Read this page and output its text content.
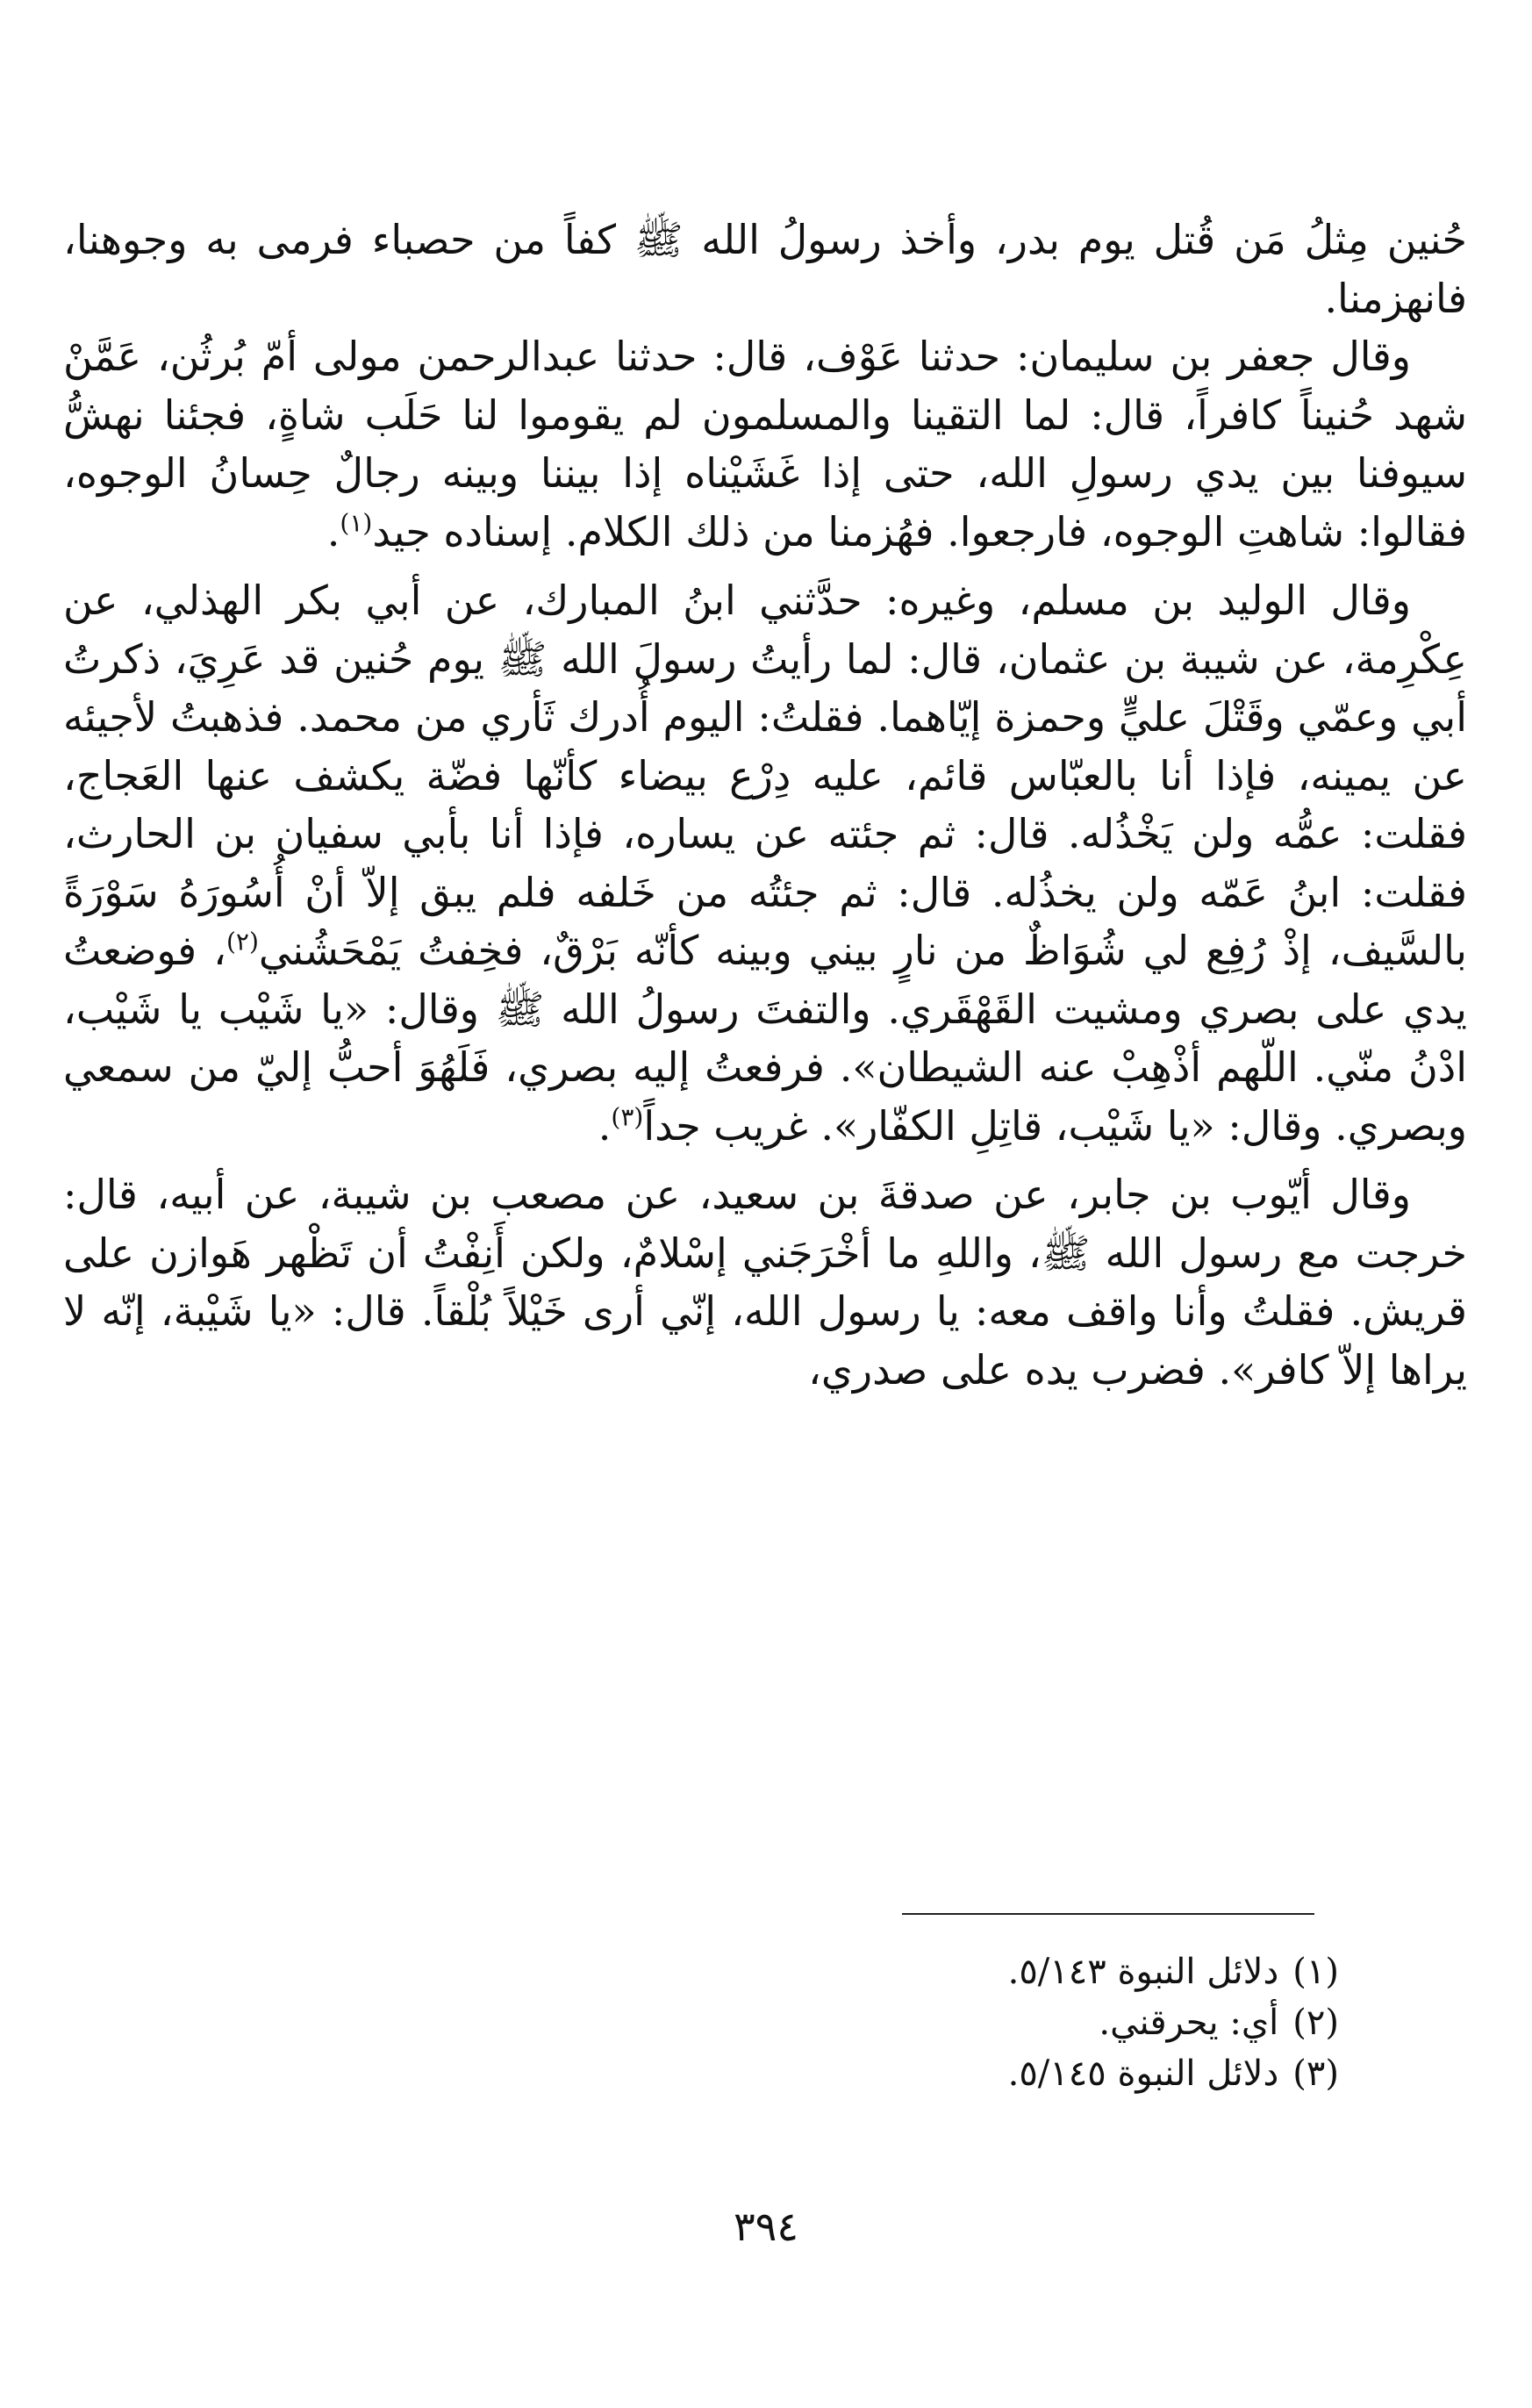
حُنين مِثلُ مَن قُتل يوم بدر، وأخذ رسولُ الله ﷺ كفاً من حصباء فرمى به وجوهنا، فانهزمنا.

وقال جعفر بن سليمان: حدثنا عَوْف، قال: حدثنا عبدالرحمن مولى أمّ بُرثُن، عَمَّنْ شهد حُنيناً كافراً، قال: لما التقينا والمسلمون لم يقوموا لنا حَلَب شاةٍ، فجئنا نهشُّ سيوفنا بين يدي رسولِ الله، حتى إذا غَشَيْناه إذا بيننا وبينه رجالٌ حِسانُ الوجوه، فقالوا: شاهتِ الوجوه، فارجعوا. فهُزمنا من ذلك الكلام. إسناده جيد$^{(١)}$.

وقال الوليد بن مسلم، وغيره: حدَّثني ابنُ المبارك، عن أبي بكر الهذلي، عن عِكْرِمة، عن شيبة بن عثمان، قال: لما رأيتُ رسولَ الله ﷺ يوم حُنين قد عَرِيَ، ذكرتُ أبي وعمّي وقَتْلَ عليٍّ وحمزة إيّاهما. فقلتُ: اليوم أُدرك ثَأري من محمد. فذهبتُ لأجيئه عن يمينه، فإذا أنا بالعبّاس قائم، عليه دِرْع بيضاء كأنّها فضّة يكشف عنها العَجاج، فقلت: عمُّه ولن يَخْذُله. قال: ثم جئته عن يساره، فإذا أنا بأبي سفيان بن الحارث، فقلت: ابنُ عَمّه ولن يخذُله. قال: ثم جئتُه من خَلفه فلم يبق إلاّ أنْ أُسُورَهُ سَوْرَةً بالسَّيف، إذْ رُفِع لي شُوَاظٌ من نارٍ بيني وبينه كأنّه بَرْقٌ، فخِفتُ يَمْحَشُني$^{(٢)}$، فوضعتُ يدي على بصري ومشيت القَهْقَري. والتفتَ رسولُ الله ﷺ وقال: «يا شَيْب يا شَيْب، ادْنُ منّي. اللّهم أذْهِبْ عنه الشيطان». فرفعتُ إليه بصري، فَلَهُوَ أحبُّ إليّ من سمعي وبصري. وقال: «يا شَيْب، قاتِلِ الكفّار». غريب جداً$^{(٣)}$.

وقال أيّوب بن جابر، عن صدقةَ بن سعيد، عن مصعب بن شيبة، عن أبيه، قال: خرجت مع رسول الله ﷺ، واللهِ ما أخْرَجَني إسْلامٌ، ولكن أَنِفْتُ أن تَظْهر هَوازن على قريش. فقلتُ وأنا واقف معه: يا رسول الله، إنّي أرى خَيْلاً بُلْقاً. قال: «يا شَيْبة، إنّه لا يراها إلاّ كافر». فضرب يده على صدري،

(١) دلائل النبوة ٥/١٤٣.
(٢) أي: يحرقني.
(٣) دلائل النبوة ٥/١٤٥.
٣٩٤
